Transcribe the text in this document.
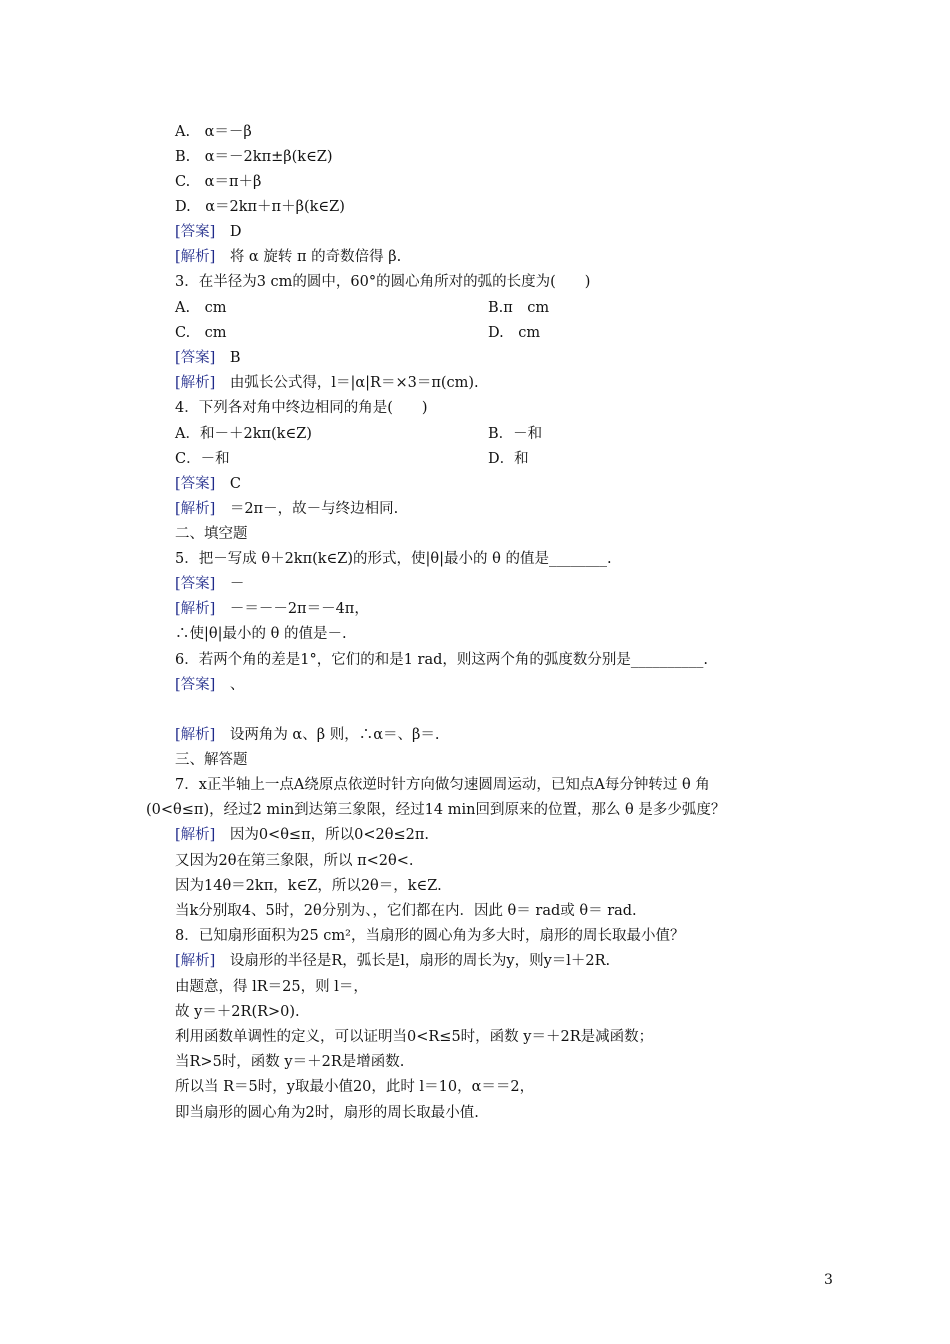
A.　α＝－β
B.　α＝－2kπ±β(k∈Z)
C.　α＝π＋β
D.　α＝2kπ＋π＋β(k∈Z)
[答案]　D
[解析]　将 α 旋转 π 的奇数倍得 β.
3．在半径为3 cm的圆中，60°的圆心角所对的弧的长度为(　　)
A.　cm	B.π　cm
C.　cm	D.　cm
[答案]　B
[解析]　由弧长公式得，l＝|α|R＝×3＝π(cm).
4．下列各对角中终边相同的角是(　　)
A．和－＋2kπ(k∈Z)	B．－和
C．－和	D．和
[答案]　C
[解析]　＝2π－，故－与终边相同.
二、填空题
5．把－写成 θ＋2kπ(k∈Z)的形式，使|θ|最小的 θ 的值是________.
[答案]　－
[解析]　－＝－－2π＝－4π，
∴使|θ|最小的 θ 的值是－.
6．若两个角的差是1°，它们的和是1 rad，则这两个角的弧度数分别是__________.
[答案]　、
[解析]　设两角为 α、β 则，∴α＝、β＝.
三、解答题
7．x正半轴上一点A绕原点依逆时针方向做匀速圆周运动，已知点A每分钟转过 θ 角
(0<θ≤π)，经过2 min到达第三象限，经过14 min回到原来的位置，那么 θ 是多少弧度？
[解析]　因为0<θ≤π，所以0<2θ≤2π.
又因为2θ在第三象限，所以 π<2θ<.
因为14θ＝2kπ，k∈Z，所以2θ＝，k∈Z.
当k分别取4、5时，2θ分别为、，它们都在内．因此 θ＝ rad或 θ＝ rad.
8．已知扇形面积为25 cm²，当扇形的圆心角为多大时，扇形的周长取最小值？
[解析]　设扇形的半径是R，弧长是l，扇形的周长为y，则y＝l＋2R.
由题意，得 lR＝25，则 l＝，
故 y＝＋2R(R>0).
利用函数单调性的定义，可以证明当0<R≤5时，函数 y＝＋2R是减函数；
当R>5时，函数 y＝＋2R是增函数.
所以当 R＝5时，y取最小值20，此时 l＝10，α＝＝2，
即当扇形的圆心角为2时，扇形的周长取最小值.
3
